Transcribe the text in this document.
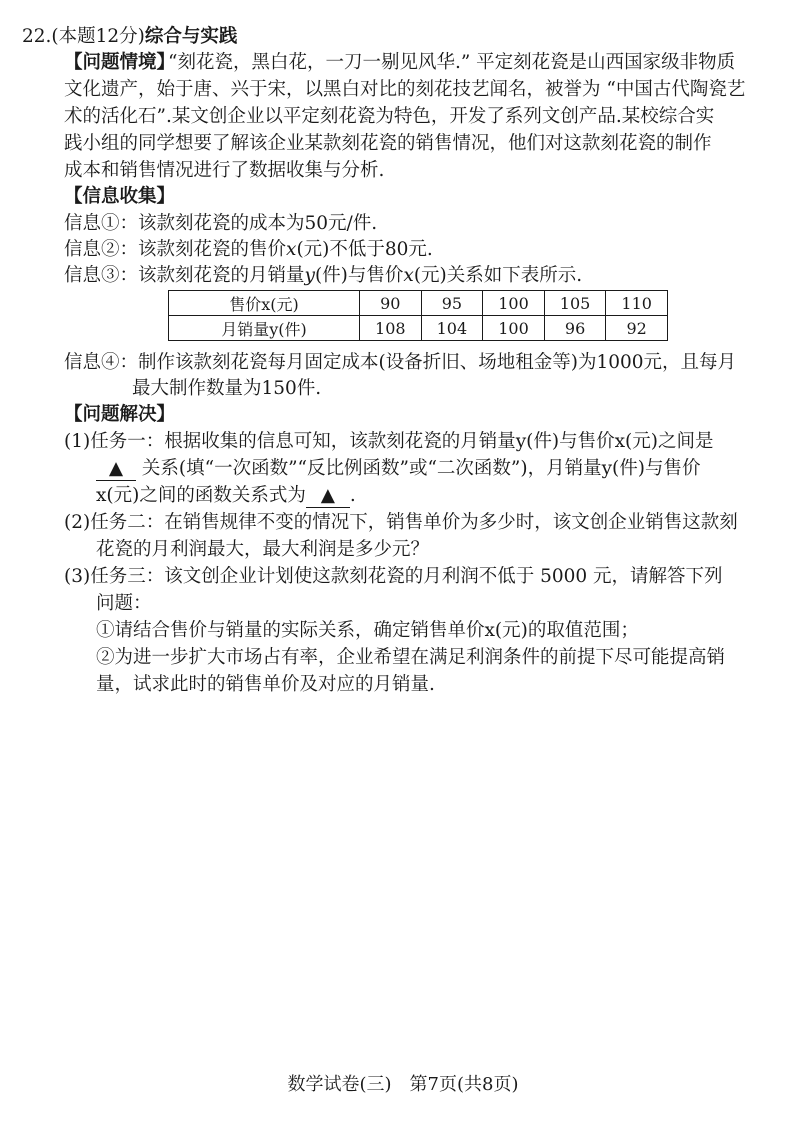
22.(本题12分)综合与实践
【问题情境】
“刻花瓷，黑白花，一刀一剔见风华.” 平定刻花瓷是山西国家级非物质
文化遗产，始于唐、兴于宋，以黑白对比的刻花技艺闻名，被誉为 “中国古代陶瓷艺
术的活化石”.某文创企业以平定刻花瓷为特色，开发了系列文创产品.某校综合实
践小组的同学想要了解该企业某款刻花瓷的销售情况，他们对这款刻花瓷的制作
成本和销售情况进行了数据收集与分析.
【信息收集】
信息①：该款刻花瓷的成本为50元/件.
信息②：该款刻花瓷的售价x(元)不低于80元.
信息③：该款刻花瓷的月销量y(件)与售价x(元)关系如下表所示.
售价x(元)	90	95	100	105	110
月销量y(件)	108	104	100	96	92
信息④：制作该款刻花瓷每月固定成本(设备折旧、场地租金等)为1000元，且每月
最大制作数量为150件.
【问题解决】
(1)任务一：根据收集的信息可知，该款刻花瓷的月销量y(件)与售价x(元)之间是
▲ 关系(填“一次函数”“反比例函数”或“二次函数”)，月销量y(件)与售价
x(元)之间的函数关系式为 ▲ .
(2)任务二：在销售规律不变的情况下，销售单价为多少时，该文创企业销售这款刻
花瓷的月利润最大，最大利润是多少元？
(3)任务三：该文创企业计划使这款刻花瓷的月利润不低于 5000 元，请解答下列
问题：
①请结合售价与销量的实际关系，确定销售单价x(元)的取值范围；
②为进一步扩大市场占有率，企业希望在满足利润条件的前提下尽可能提高销
量，试求此时的销售单价及对应的月销量.
数学试卷(三)　第7页(共8页)
